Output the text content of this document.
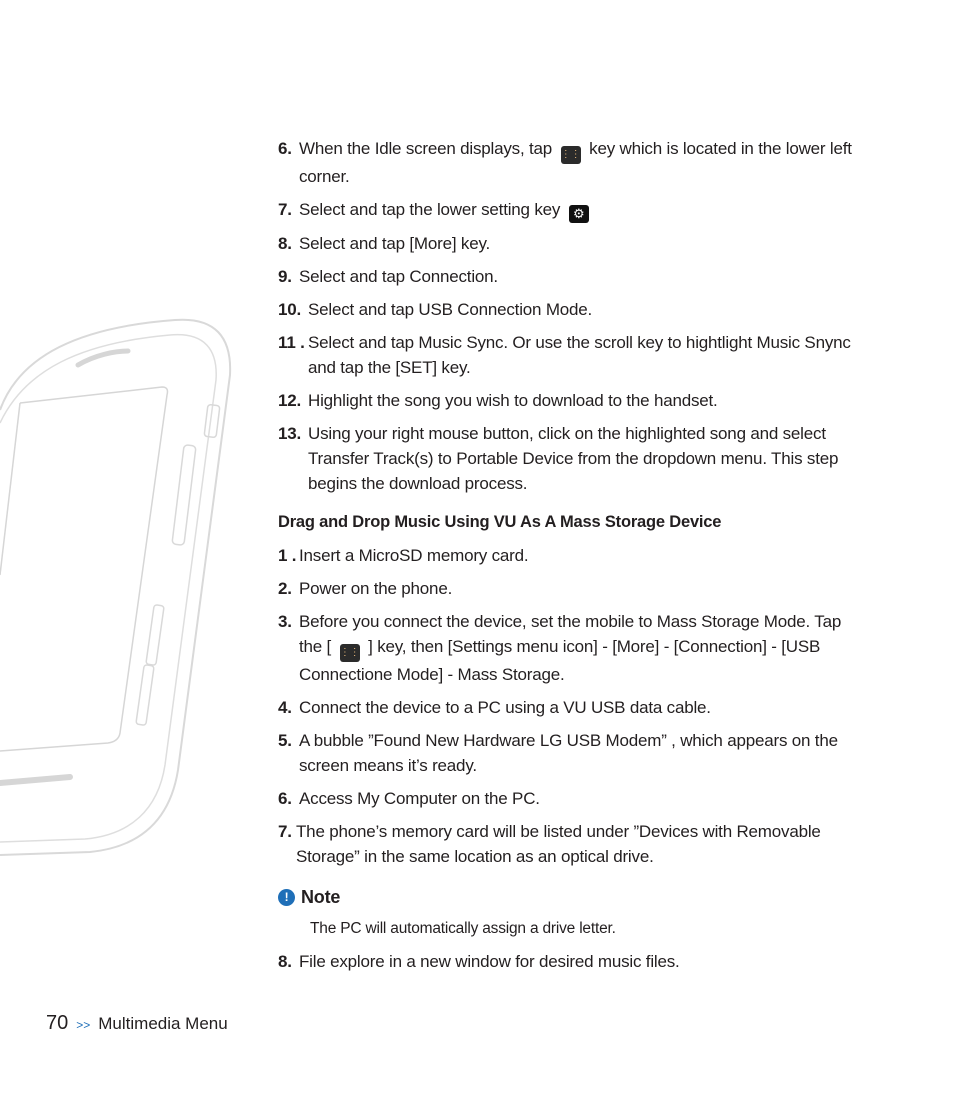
6. When the Idle screen displays, tap ⋮⋮ key which is located in the lower left corner.
7. Select and tap the lower setting key ⚙
8. Select and tap [More] key.
9. Select and tap Connection.
10. Select and tap USB Connection Mode.
11 . Select and tap Music Sync. Or use the scroll key to hightlight Music Snync and tap the [SET] key.
12. Highlight the song you wish to download to the handset.
13. Using your right mouse button, click on the highlighted song and select Transfer Track(s) to Portable Device from the dropdown menu. This step begins the download process.
Drag and Drop Music Using VU As A Mass Storage Device
1 . Insert a MicroSD memory card.
2. Power on the phone.
3. Before you connect the device, set the mobile to Mass Storage Mode. Tap the [ ⋮⋮ ] key, then [Settings menu icon] - [More] - [Connection] - [USB Connectione Mode] - Mass Storage.
4. Connect the device to a PC using a VU USB data cable.
5. A bubble ”Found New Hardware LG USB Modem” , which appears on the screen means it’s ready.
6. Access My Computer on the PC.
7. The phone’s memory card will be listed under ”Devices with Removable Storage” in the same location as an optical drive.
! Note
The PC will automatically assign a drive letter.
8. File explore in a new window for desired music files.
70 >> Multimedia Menu
